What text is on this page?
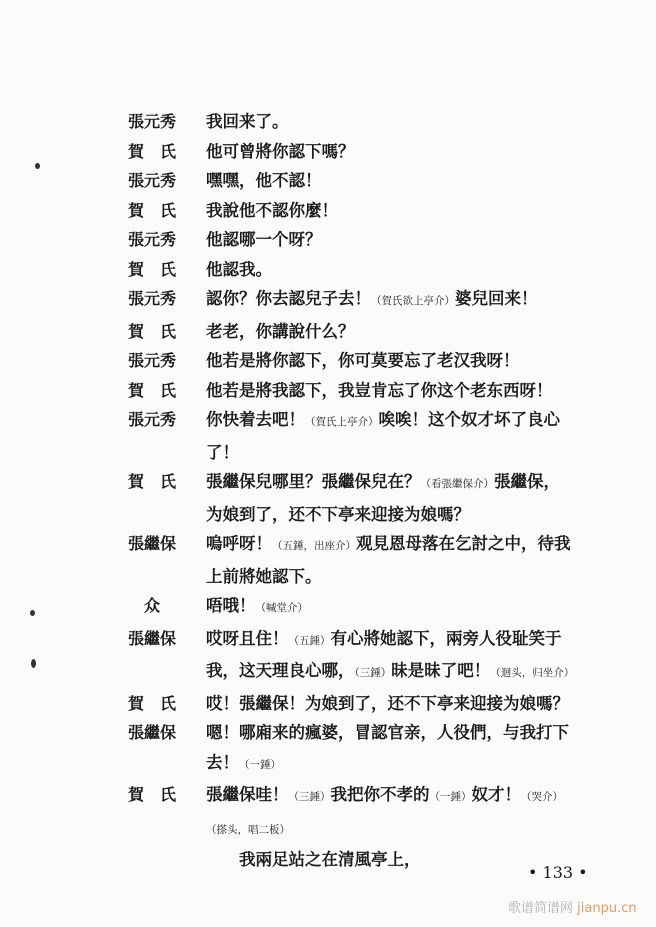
張元秀	我回来了。
賀　氏	他可曾將你認下嗎？
張元秀	嘿嘿，他不認！
賀　氏	我說他不認你麼！
張元秀	他認哪一个呀？
賀　氏	他認我。
張元秀	認你？你去認兒子去！（賀氏欲上亭介）婆兒回来！
賀　氏	老老，你講說什么？
張元秀	他若是將你認下，你可莫要忘了老汉我呀！
賀　氏	他若是將我認下，我豈肯忘了你这个老东西呀！
張元秀	你快着去吧！（賀氏上亭介）唉唉！这个奴才坏了良心
了！
賀　氏	張繼保兒哪里？張繼保兒在？（看張繼保介）張繼保，
为娘到了，还不下亭来迎接为娘嗎？
張繼保	嗚呼呀！（五錘，出座介）观見恩母落在乞討之中，待我
上前將她認下。
　众	唔哦！（喊堂介）
張繼保	哎呀且住！（五錘）有心將她認下，兩旁人役耻笑于
我，这天理良心哪，（三錘）昧是昧了吧！（迴头，归坐介）
賀　氏	哎！張繼保！为娘到了，还不下亭来迎接为娘嗎？
張繼保	嗯！哪廂来的瘋婆，冒認官亲，人役們，与我打下
去！（一錘）
賀　氏	張繼保哇！（三錘）我把你不孝的（一錘）奴才！（哭介）
（搽头，唱二板）
　　我兩足站之在清風亭上，
• 133 •
歌谱简谱网 jianpu.cn
